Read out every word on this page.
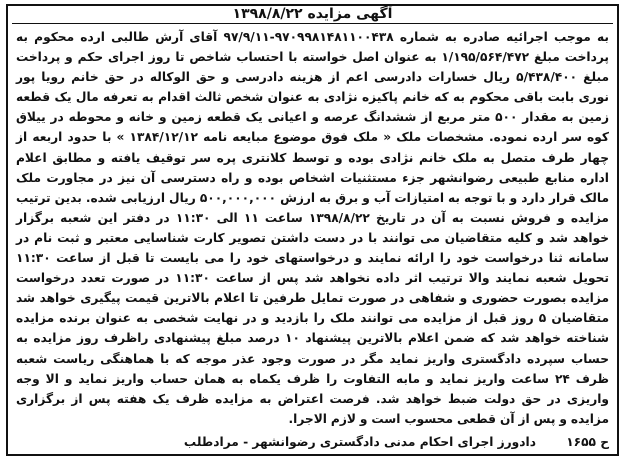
آگهی مزایده ۱۳۹۸/۸/۲۲

به موجب اجرائیه صادره به شماره ۹۷۰۹۹۸۱۴۸۱۱۰۰۴۳۸-۹۷/۹/۱۱ آقای آرش طالبی ارده محکوم به پرداخت مبلغ ۱/۱۹۵/۵۶۴/۴۷۲ به عنوان اصل خواسته با احتساب شاخص تا روز اجرای حکم و پرداخت مبلغ ۵/۴۳۸/۴۰۰ ریال خسارات دادرسی اعم از هزینه دادرسی و حق الوکاله در حق خانم رویا پور نوری بابت باقی محکوم به که خانم پاکیزه نژادی به عنوان شخص ثالث اقدام به تعرفه مال یک قطعه زمین به مقدار ۵۰۰ متر مربع از ششدانگ عرصه و اعیانی یک قطعه زمین و خانه و محوطه در ییلاق کوه سر ارده نموده. مشخصات ملک « ملک فوق موضوع مبایعه نامه ۱۳۸۴/۱۲/۱۲ » با حدود اربعه از چهار طرف متصل به ملک خانم نژادی بوده و توسط کلانتری پره سر توقیف یافته و مطابق اعلام اداره منابع طبیعی رضوانشهر جزء مستثنیات اشخاص بوده و راه دسترسی آن نیز در مجاورت ملک مالک قرار دارد و با توجه به امتیازات آب و برق به ارزش ۵۰۰,۰۰۰,۰۰۰ ریال ارزیابی شده. بدین ترتیب مزایده و فروش نسبت به آن در تاریخ ۱۳۹۸/۸/۲۲ ساعت ۱۱ الی ۱۱:۳۰ در دفتر این شعبه برگزار خواهد شد و کلیه متقاضیان می توانند با در دست داشتن تصویر کارت شناسایی معتبر و ثبت نام در سامانه ثنا درخواست خود را ارائه نمایند و درخواستهای خود را می بایست تا قبل از ساعت ۱۱:۳۰ تحویل شعبه نمایند والا ترتیب اثر داده نخواهد شد پس از ساعت ۱۱:۳۰ در صورت تعدد درخواست مزایده بصورت حضوری و شفاهی در صورت تمایل طرفین تا اعلام بالاترین قیمت پیگیری خواهد شد متقاضیان ۵ روز قبل از مزایده می توانند ملک را بازدید و در نهایت شخصی به عنوان برنده مزایده شناخته خواهد شد که ضمن اعلام بالاترین پیشنهاد ۱۰ درصد مبلغ پیشنهادی راظرف روز مزایده به حساب سپرده دادگستری واریز نماید مگر در صورت وجود عذر موجه که با هماهنگی ریاست شعبه ظرف ۲۴ ساعت واریز نماید و مابه التفاوت را ظرف یکماه به همان حساب واریز نماید و الا وجه واریزی در حق دولت ضبط خواهد شد. فرصت اعتراض به مزایده ظرف یک هفته پس از برگزاری مزایده و پس از آن قطعی محسوب است و لازم الاجرا.

ح ۱۶۵۵ دادورز اجرای احکام مدنی دادگستری رضوانشهر - مرادطلب
